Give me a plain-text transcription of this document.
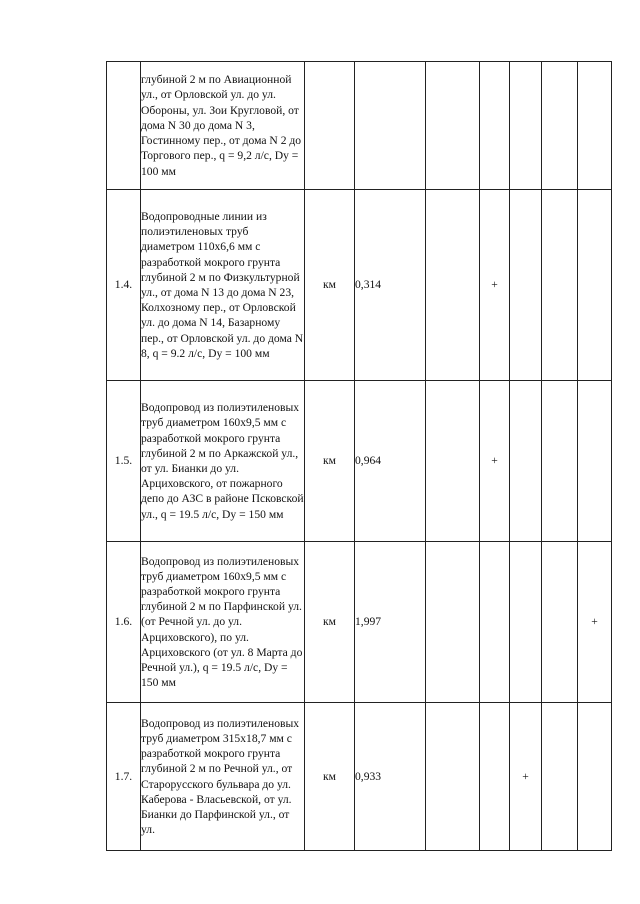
	глубиной 2 м по Авиационной ул., от Орловской ул. до ул. Обороны, ул. Зои Кругловой, от дома N 30 до дома N 3, Гостинному пер., от дома N 2 до Торгового пер., q = 9,2 л/с, Dy = 100 мм							
1.4.	Водопроводные линии из полиэтиленовых труб диаметром 110х6,6 мм с разработкой мокрого грунта глубиной 2 м по Физкультурной ул., от дома N 13 до дома N 23, Колхозному пер., от Орловской ул. до дома N 14, Базарному пер., от Орловской ул. до дома N 8, q = 9.2 л/с, Dy = 100 мм	км	0,314		+			
1.5.	Водопровод из полиэтиленовых труб диаметром 160х9,5 мм с разработкой мокрого грунта глубиной 2 м по Аркажской ул., от ул. Бианки до ул. Арциховского, от пожарного депо до АЗС в районе Псковской ул., q = 19.5 л/с, Dy = 150 мм	км	0,964		+			
1.6.	Водопровод из полиэтиленовых труб диаметром 160х9,5 мм с разработкой мокрого грунта глубиной 2 м по Парфинской ул. (от Речной ул. до ул. Арциховского), по ул. Арциховского (от ул. 8 Марта до Речной ул.), q = 19.5 л/с, Dy = 150 мм	км	1,997					+
1.7.	Водопровод из полиэтиленовых труб диаметром 315х18,7 мм с разработкой мокрого грунта глубиной 2 м по Речной ул., от Старорусского бульвара до ул. Каберова - Власьевской, от ул. Бианки до Парфинской ул., от ул.	км	0,933			+		
